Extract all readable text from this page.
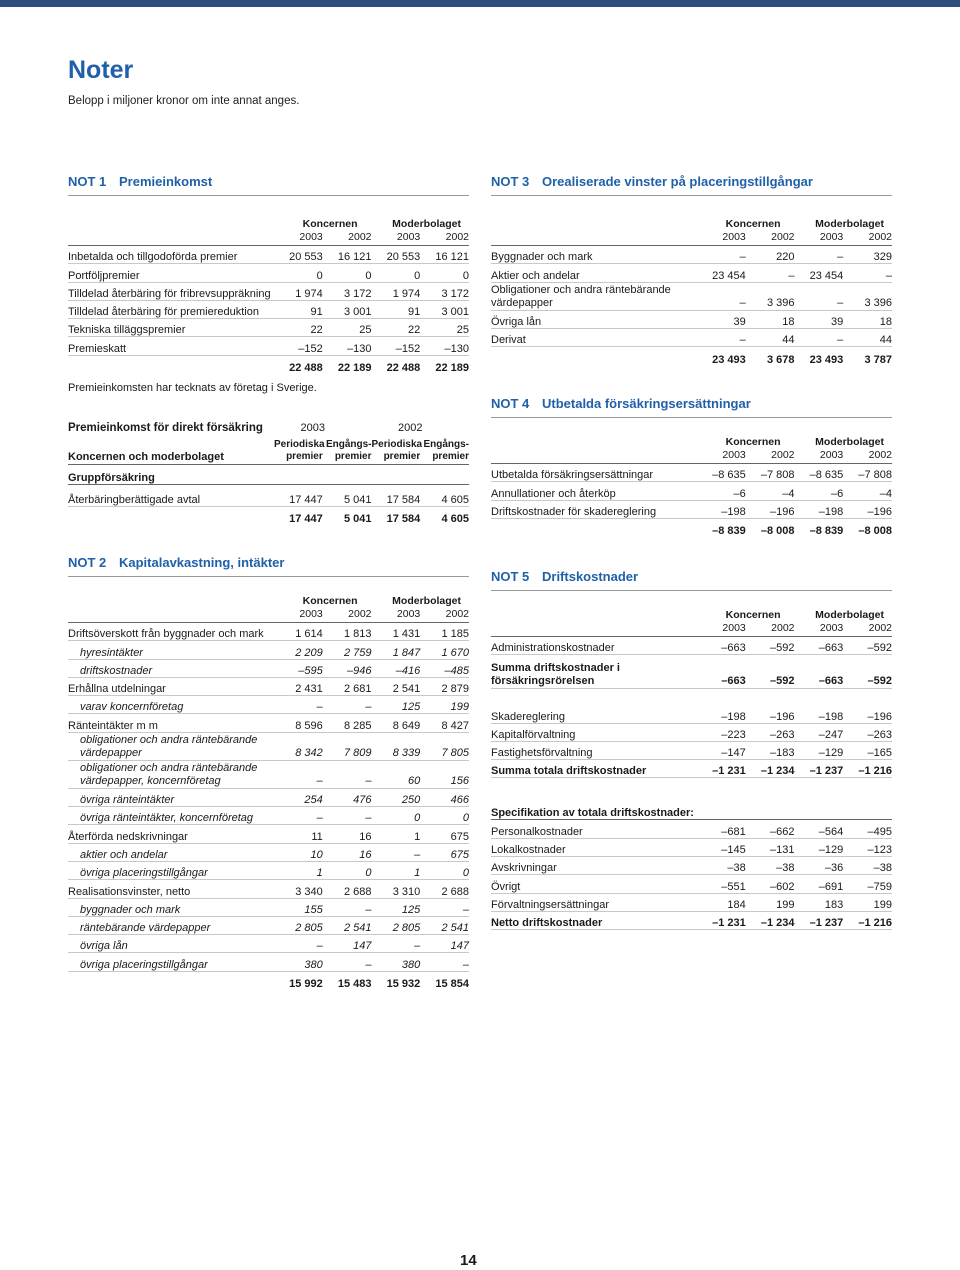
Noter

Belopp i miljoner kronor om inte annat anges.

NOT 1 Premieinkomst
	Koncernen		Moderbolaget	
	2003	2002	2003	2002
Inbetalda och tillgodoförda premier	20 553	16 121	20 553	16 121
Portföljpremier	0	0	0	0
Tilldelad återbäring för fribrevsuppräkning	1 974	3 172	1 974	3 172
Tilldelad återbäring för premiereduktion	91	3 001	91	3 001
Tekniska tilläggspremier	22	25	22	25
Premieskatt	–152	–130	–152	–130
	22 488	22 189	22 488	22 189

Premieinkomsten har tecknats av företag i Sverige.

Premieinkomst för direkt försäkring	2003		2002	
Koncernen och moderbolaget	Periodiska premier	Engångs- premier	Periodiska premier	Engångs- premier
Gruppförsäkring				
Återbäringberättigade avtal	17 447	5 041	17 584	4 605
	17 447	5 041	17 584	4 605
NOT 2 Kapitalavkastning, intäkter
	Koncernen		Moderbolaget	
	2003	2002	2003	2002
Driftsöverskott från byggnader och mark	1 614	1 813	1 431	1 185
hyresintäkter	2 209	2 759	1 847	1 670
driftskostnader	–595	–946	–416	–485
Erhållna utdelningar	2 431	2 681	2 541	2 879
varav koncernföretag	–	–	125	199
Ränteintäkter m m	8 596	8 285	8 649	8 427
obligationer och andra räntebärande värdepapper	8 342	7 809	8 339	7 805
obligationer och andra räntebärande värdepapper, koncernföretag	–	–	60	156
övriga ränteintäkter	254	476	250	466
övriga ränteintäkter, koncernföretag	–	–	0	0
Återförda nedskrivningar	11	16	1	675
aktier och andelar	10	16	–	675
övriga placeringstillgångar	1	0	1	0
Realisationsvinster, netto	3 340	2 688	3 310	2 688
byggnader och mark	155	–	125	–
räntebärande värdepapper	2 805	2 541	2 805	2 541
övriga lån	–	147	–	147
övriga placeringstillgångar	380	–	380	–
	15 992	15 483	15 932	15 854
NOT 3 Orealiserade vinster på placeringstillgångar
	Koncernen		Moderbolaget	
	2003	2002	2003	2002
Byggnader och mark	–	220	–	329
Aktier och andelar	23 454	–	23 454	–
Obligationer och andra räntebärande värdepapper	–	3 396	–	3 396
Övriga lån	39	18	39	18
Derivat	–	44	–	44
	23 493	3 678	23 493	3 787
NOT 4 Utbetalda försäkringsersättningar
	Koncernen		Moderbolaget	
	2003	2002	2003	2002
Utbetalda försäkringsersättningar	–8 635	–7 808	–8 635	–7 808
Annullationer och återköp	–6	–4	–6	–4
Driftskostnader för skadereglering	–198	–196	–198	–196
	–8 839	–8 008	–8 839	–8 008
NOT 5 Driftskostnader
	Koncernen		Moderbolaget	
	2003	2002	2003	2002
Administrationskostnader	–663	–592	–663	–592
Summa driftskostnader i försäkringsrörelsen	–663	–592	–663	–592

Skadereglering	–198	–196	–198	–196
Kapitalförvaltning	–223	–263	–247	–263
Fastighetsförvaltning	–147	–183	–129	–165
Summa totala driftskostnader	–1 231	–1 234	–1 237	–1 216

Specifikation av totala driftskostnader:				
Personalkostnader	–681	–662	–564	–495
Lokalkostnader	–145	–131	–129	–123
Avskrivningar	–38	–38	–36	–38
Övrigt	–551	–602	–691	–759
Förvaltningsersättningar	184	199	183	199
Netto driftskostnader	–1 231	–1 234	–1 237	–1 216
14
